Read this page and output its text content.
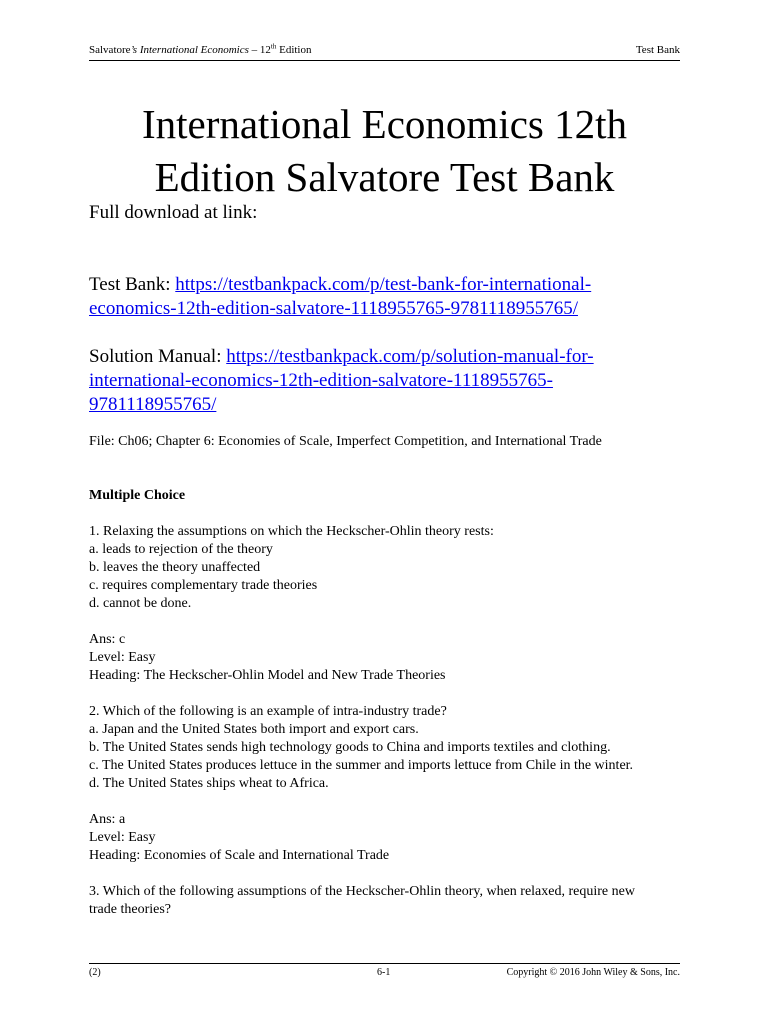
Salvatore’s International Economics – 12th Edition	Test Bank
International Economics 12th
Edition Salvatore Test Bank
Full download at link:
Test Bank: https://testbankpack.com/p/test-bank-for-international-
economics-12th-edition-salvatore-1118955765-9781118955765/
Solution Manual: https://testbankpack.com/p/solution-manual-for-
international-economics-12th-edition-salvatore-1118955765-
9781118955765/

File: Ch06; Chapter 6: Economies of Scale, Imperfect Competition, and International Trade

Multiple Choice

1. Relaxing the assumptions on which the Heckscher-Ohlin theory rests:

a. leads to rejection of the theory

b. leaves the theory unaffected

c. requires complementary trade theories

d. cannot be done.

Ans: c

Level: Easy

Heading: The Heckscher-Ohlin Model and New Trade Theories

2. Which of the following is an example of intra-industry trade?

a. Japan and the United States both import and export cars.

b. The United States sends high technology goods to China and imports textiles and clothing.

c. The United States produces lettuce in the summer and imports lettuce from Chile in the winter.

d. The United States ships wheat to Africa.

Ans: a

Level: Easy

Heading: Economies of Scale and International Trade

3. Which of the following assumptions of the Heckscher-Ohlin theory, when relaxed, require new

trade theories?

(2)	6-1	Copyright © 2016 John Wiley & Sons, Inc.
